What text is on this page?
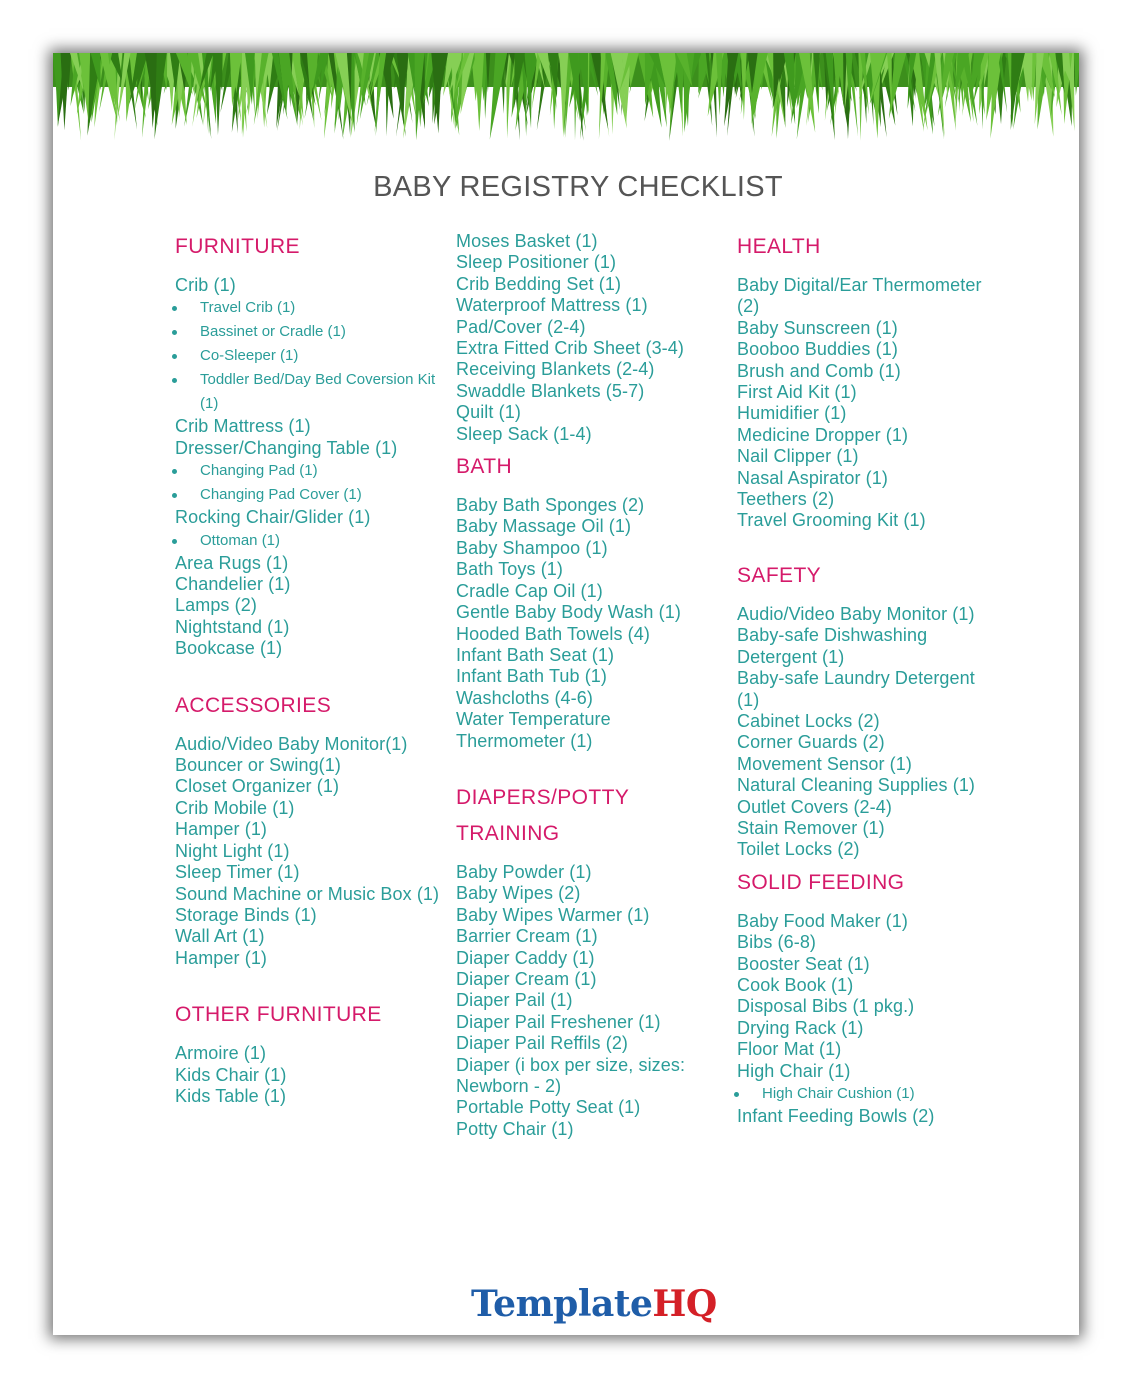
BABY REGISTRY CHECKLIST
FURNITURE
Crib (1)
Travel Crib (1)
Bassinet or Cradle (1)
Co-Sleeper (1)
Toddler Bed/Day Bed Coversion Kit (1)
Crib Mattress (1)
Dresser/Changing Table (1)
Changing Pad (1)
Changing Pad Cover (1)
Rocking Chair/Glider (1)
Ottoman (1)
Area Rugs (1)
Chandelier (1)
Lamps (2)
Nightstand (1)
Bookcase (1)
ACCESSORIES
Audio/Video Baby Monitor(1)
Bouncer or Swing(1)
Closet Organizer (1)
Crib Mobile (1)
Hamper (1)
Night Light (1)
Sleep Timer (1)
Sound Machine or Music Box (1)
Storage Binds (1)
Wall Art (1)
Hamper (1)
OTHER FURNITURE
Armoire (1)
Kids Chair (1)
Kids Table (1)
Moses Basket (1)
Sleep Positioner (1)
Crib Bedding Set (1)
Waterproof Mattress (1)
Pad/Cover (2-4)
Extra Fitted Crib Sheet (3-4)
Receiving Blankets (2-4)
Swaddle Blankets (5-7)
Quilt (1)
Sleep Sack (1-4)
BATH
Baby Bath Sponges (2)
Baby Massage Oil (1)
Baby Shampoo (1)
Bath Toys (1)
Cradle Cap Oil (1)
Gentle Baby Body Wash (1)
Hooded Bath Towels (4)
Infant Bath Seat (1)
Infant Bath Tub (1)
Washcloths (4-6)
Water Temperature Thermometer (1)
DIAPERS/POTTY
TRAINING
Baby Powder (1)
Baby Wipes (2)
Baby Wipes Warmer (1)
Barrier Cream (1)
Diaper Caddy (1)
Diaper Cream (1)
Diaper Pail (1)
Diaper Pail Freshener (1)
Diaper Pail Reffils (2)
Diaper (i box per size, sizes: Newborn - 2)
Portable Potty Seat (1)
Potty Chair (1)
HEALTH
Baby Digital/Ear Thermometer (2)
Baby Sunscreen (1)
Booboo Buddies (1)
Brush and Comb (1)
First Aid Kit (1)
Humidifier (1)
Medicine Dropper (1)
Nail Clipper (1)
Nasal Aspirator (1)
Teethers (2)
Travel Grooming Kit (1)
SAFETY
Audio/Video Baby Monitor (1)
Baby-safe Dishwashing Detergent (1)
Baby-safe Laundry Detergent (1)
Cabinet Locks (2)
Corner Guards (2)
Movement Sensor (1)
Natural Cleaning Supplies (1)
Outlet Covers (2-4)
Stain Remover (1)
Toilet Locks (2)
SOLID FEEDING
Baby Food Maker (1)
Bibs (6-8)
Booster Seat (1)
Cook Book (1)
Disposal Bibs (1 pkg.)
Drying Rack (1)
Floor Mat (1)
High Chair (1)
High Chair Cushion (1)
Infant Feeding Bowls (2)
TemplateHQ
